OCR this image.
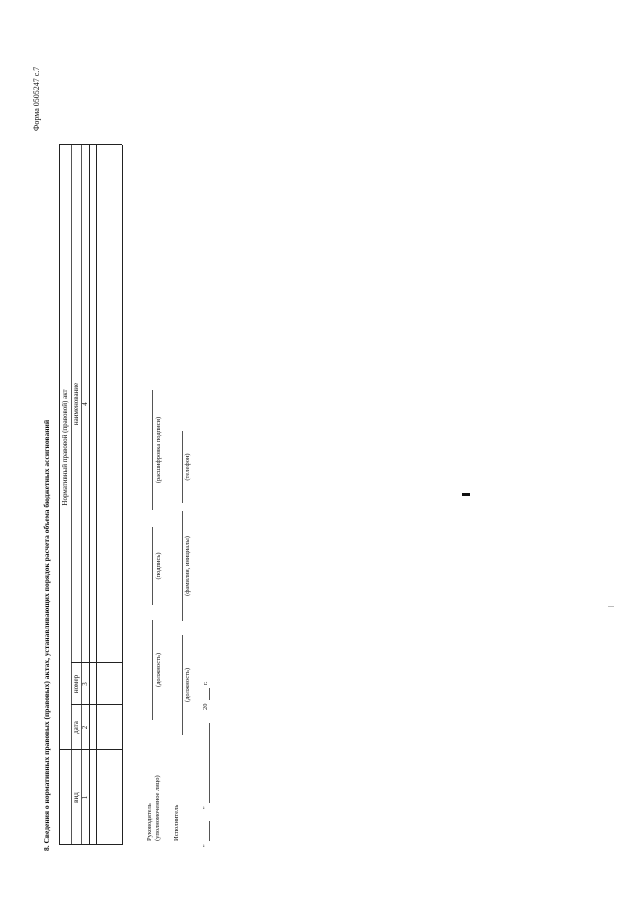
Форма 0505247 с.7
8. Сведения о нормативных правовых (правовых) актах, устанавливающих порядок расчета объема бюджетных ассигнований Нормативный правовой (правовой) акт
вид
дата
номер
наименование
1
2
3
4
Руководитель (уполномоченное лицо)
(должность)
(подпись)
(расшифровка подписи)
Исполнитель
(должность)
(фамилия, инициалы)
(телефон)
"
"
20
г.
